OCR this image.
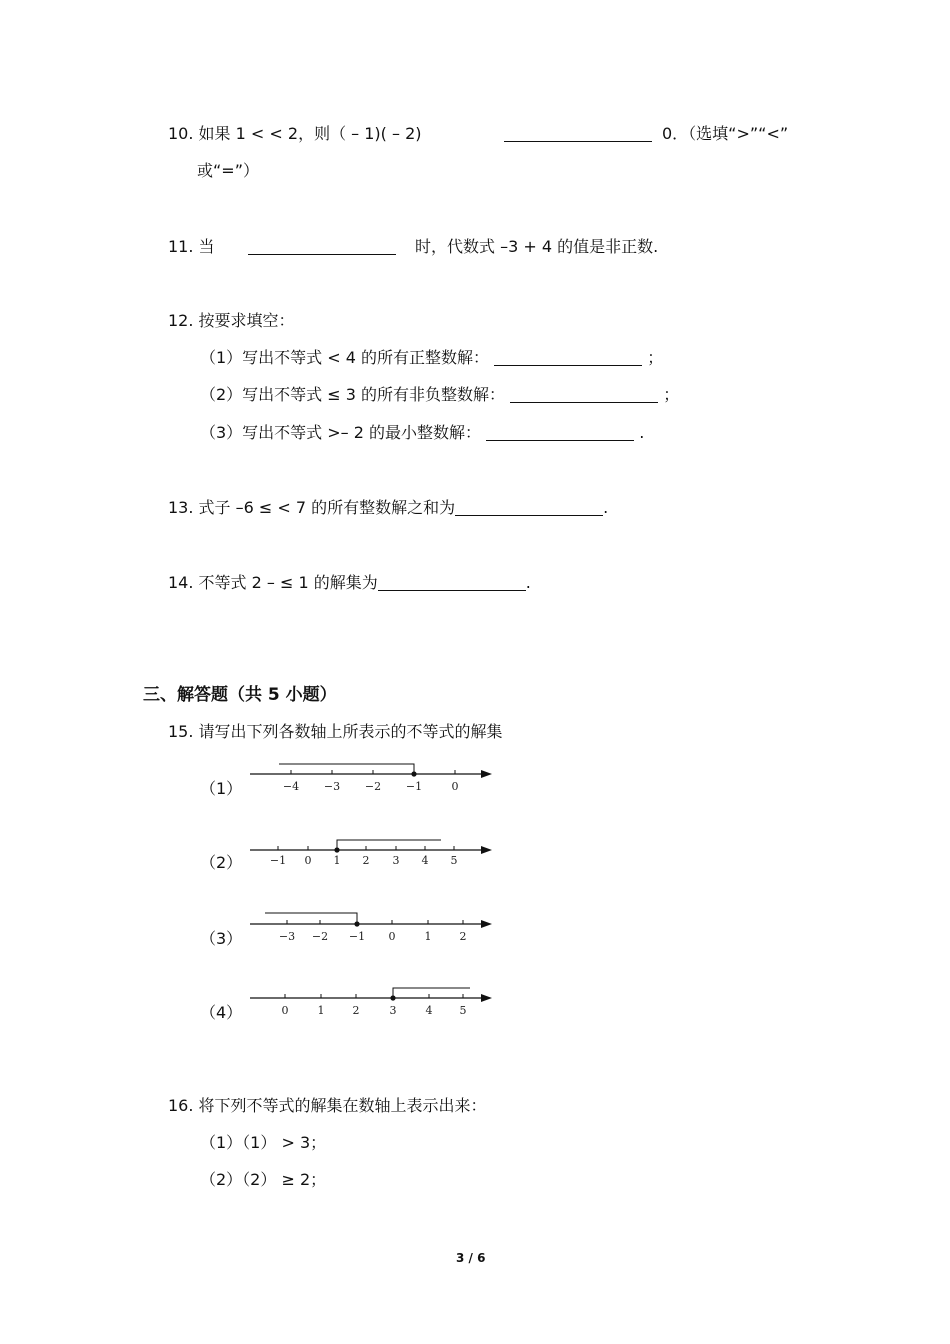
10. 如果 1 < < 2，则（ – 1)( – 2)	0．（选填“>”“<”
或“=”）
11. 当	时，代数式 –3 + 4 的值是非正数.
12. 按要求填空：
（1）写出不等式 < 4 的所有正整数解：	；
（2）写出不等式 ≤ 3 的所有非负整数解：	；
（3）写出不等式 >– 2 的最小整数解：	.
13. 式子 –6 ≤ < 7 的所有整数解之和为	.
14. 不等式 2 – ≤ 1 的解集为	.
三、解答题（共 5 小题）
15. 请写出下列各数轴上所表示的不等式的解集
（1）	−4 −3 −2 −1	0
（2）	−1 0 1 2 3 4 5
（3）	−3 −2 −1 0	1	2
（4）	0	1	2	3	4 5
16. 将下列不等式的解集在数轴上表示出来：
（1）（1） > 3；
（2）（2） ≥ 2；
3 / 6
